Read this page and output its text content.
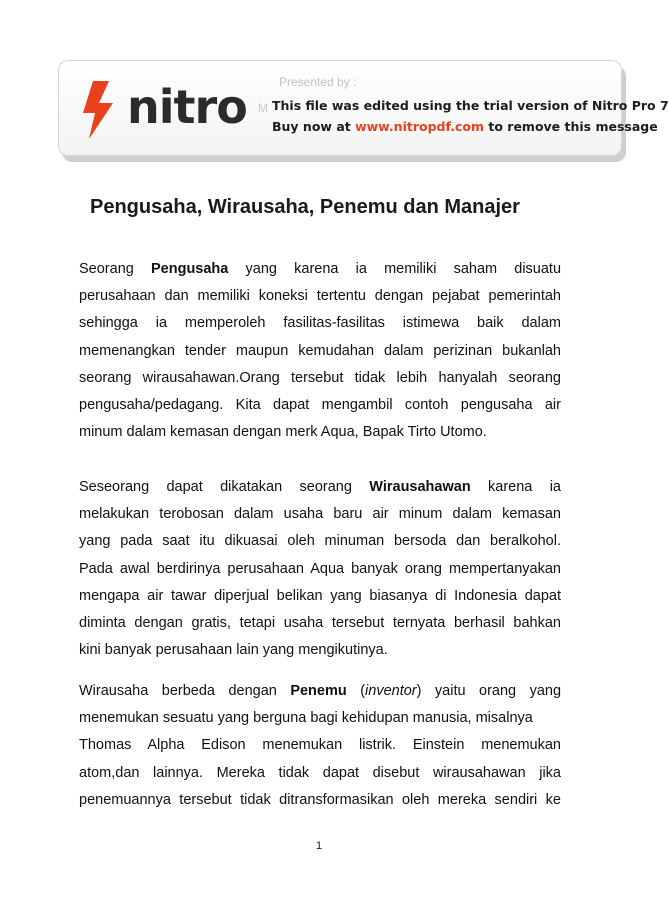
nitro	Presented by :
M This file was edited using the trial version of Nitro Pro 7
Buy now at www.nitropdf.com to remove this message
Pengusaha, Wirausaha, Penemu dan Manajer
Seorang Pengusaha yang karena ia memiliki saham disuatu
perusahaan dan memiliki koneksi tertentu dengan pejabat pemerintah
sehingga ia memperoleh fasilitas-fasilitas istimewa baik dalam
memenangkan tender maupun kemudahan dalam perizinan bukanlah
seorang wirausahawan.Orang tersebut tidak lebih hanyalah seorang
pengusaha/pedagang. Kita dapat mengambil contoh pengusaha air
minum dalam kemasan dengan merk Aqua, Bapak Tirto Utomo.
Seseorang dapat dikatakan seorang Wirausahawan karena ia
melakukan terobosan dalam usaha baru air minum dalam kemasan
yang pada saat itu dikuasai oleh minuman bersoda dan beralkohol.
Pada awal berdirinya perusahaan Aqua banyak orang mempertanyakan
mengapa air tawar diperjual belikan yang biasanya di Indonesia dapat
diminta dengan gratis, tetapi usaha tersebut ternyata berhasil bahkan
kini banyak perusahaan lain yang mengikutinya.
Wirausaha berbeda dengan Penemu (inventor) yaitu orang yang
menemukan sesuatu yang berguna bagi kehidupan manusia, misalnya
Thomas Alpha Edison menemukan listrik. Einstein menemukan
atom,dan lainnya. Mereka tidak dapat disebut wirausahawan jika
penemuannya tersebut tidak ditransformasikan oleh mereka sendiri ke
1
